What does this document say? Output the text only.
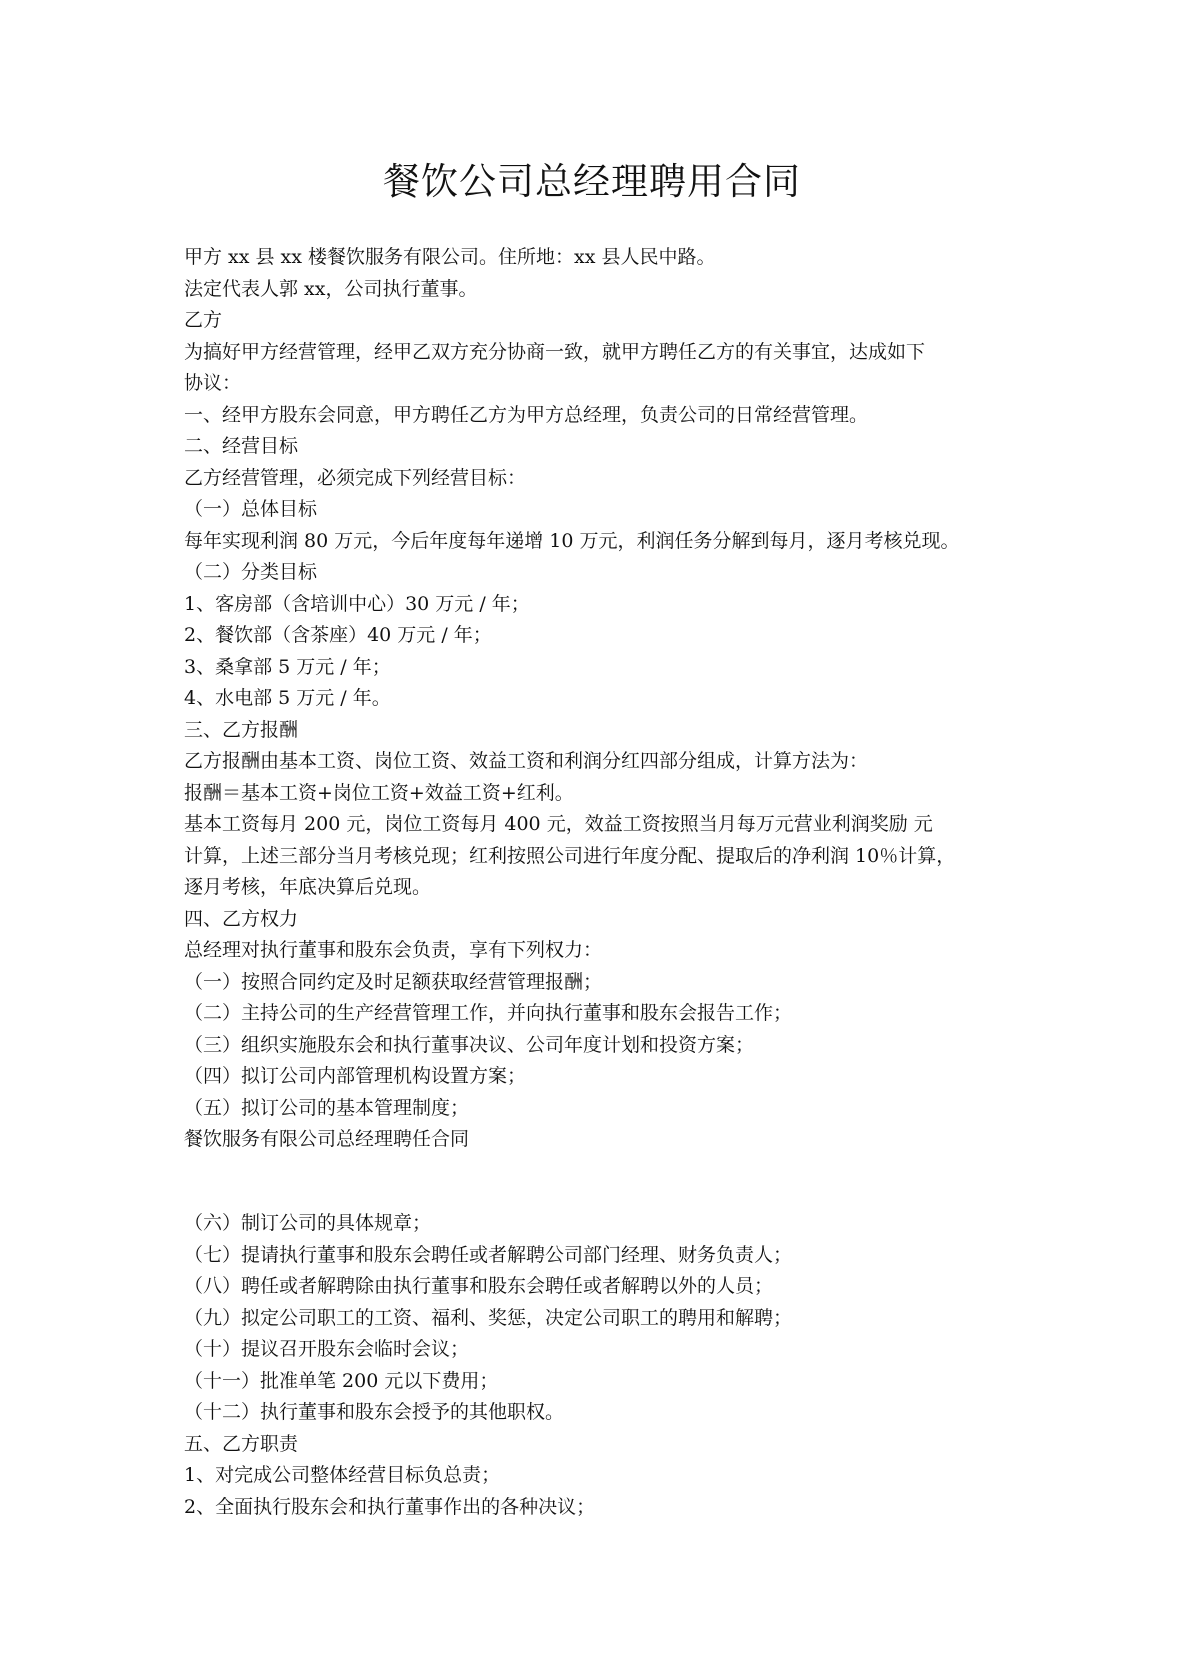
餐饮公司总经理聘用合同
甲方 xx 县 xx 楼餐饮服务有限公司。住所地：xx 县人民中路。
法定代表人郭 xx，公司执行董事。
乙方
为搞好甲方经营管理，经甲乙双方充分协商一致，就甲方聘任乙方的有关事宜，达成如下
协议：
一、经甲方股东会同意，甲方聘任乙方为甲方总经理，负责公司的日常经营管理。
二、经营目标
乙方经营管理，必须完成下列经营目标：
（一）总体目标
每年实现利润 80 万元，今后年度每年递增 10 万元，利润任务分解到每月，逐月考核兑现。
（二）分类目标
1、客房部（含培训中心）30 万元 / 年；
2、餐饮部（含茶座）40 万元 / 年；
3、桑拿部 5 万元 / 年；
4、水电部 5 万元 / 年。
三、乙方报酬
乙方报酬由基本工资、岗位工资、效益工资和利润分红四部分组成，计算方法为：
报酬＝基本工资+岗位工资+效益工资+红利。
基本工资每月 200 元，岗位工资每月 400 元，效益工资按照当月每万元营业利润奖励 元
计算，上述三部分当月考核兑现；红利按照公司进行年度分配、提取后的净利润 10％计算，
逐月考核，年底决算后兑现。
四、乙方权力
总经理对执行董事和股东会负责，享有下列权力：
（一）按照合同约定及时足额获取经营管理报酬；
（二）主持公司的生产经营管理工作，并向执行董事和股东会报告工作；
（三）组织实施股东会和执行董事决议、公司年度计划和投资方案；
（四）拟订公司内部管理机构设置方案；
（五）拟订公司的基本管理制度；
餐饮服务有限公司总经理聘任合同
（六）制订公司的具体规章；
（七）提请执行董事和股东会聘任或者解聘公司部门经理、财务负责人；
（八）聘任或者解聘除由执行董事和股东会聘任或者解聘以外的人员；
（九）拟定公司职工的工资、福利、奖惩，决定公司职工的聘用和解聘；
（十）提议召开股东会临时会议；
（十一）批准单笔 200 元以下费用；
（十二）执行董事和股东会授予的其他职权。
五、乙方职责
1、对完成公司整体经营目标负总责；
2、全面执行股东会和执行董事作出的各种决议；
